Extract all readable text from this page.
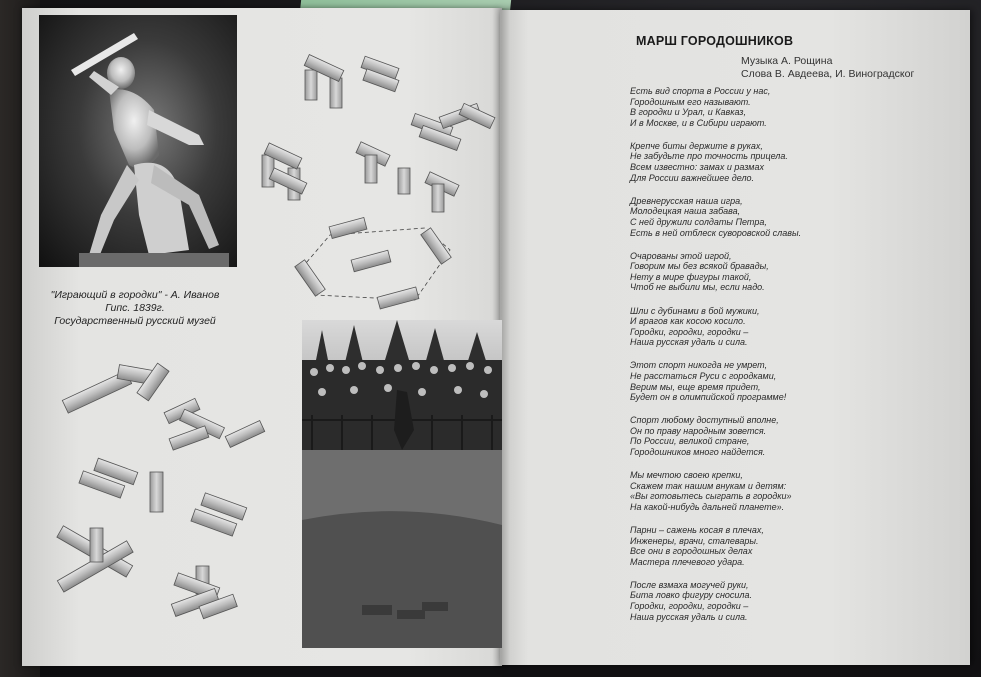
"Играющий в городки" - А. Иванов
Гипс. 1839г.
Государственный русский музей
МАРШ ГОРОДОШНИКОВ
Музыка А. Рощина
Слова В. Авдеева, И. Виноградског
Есть вид спорта в России у нас,
Городошным его называют.
В городки и Урал, и Кавказ,
И в Москве, и в Сибири играют.
Крепче биты держите в руках,
Не забудьте про точность прицела.
Всем известно: замах и размах
Для России важнейшее дело.
Древнерусская наша игра,
Молодецкая наша забава,
С ней дружили солдаты Петра,
Есть в ней отблеск суворовской славы.
Очарованы этой игрой,
Говорим мы без всякой бравады,
Нету в мире фигуры такой,
Чтоб не выбили мы, если надо.
Шли с дубинами в бой мужики,
И врагов как косою косило.
Городки, городки, городки –
Наша русская удаль и сила.
Этот спорт никогда не умрет,
Не расстаться Руси с городками,
Верим мы, еще время придет,
Будет он в олимпийской программе!
Спорт любому доступный вполне,
Он по праву народным зовется.
По России, великой стране,
Городошников много найдется.
Мы мечтою своею крепки,
Скажем так нашим внукам и детям:
«Вы готовьтесь сыграть в городки»
На какой-нибудь дальней планете».
Парни – сажень косая в плечах,
Инженеры, врачи, сталевары.
Все они в городошных делах
Мастера плечевого удара.
После взмаха могучей руки,
Бита ловко фигуру сносила.
Городки, городки, городки –
Наша русская удаль и сила.
